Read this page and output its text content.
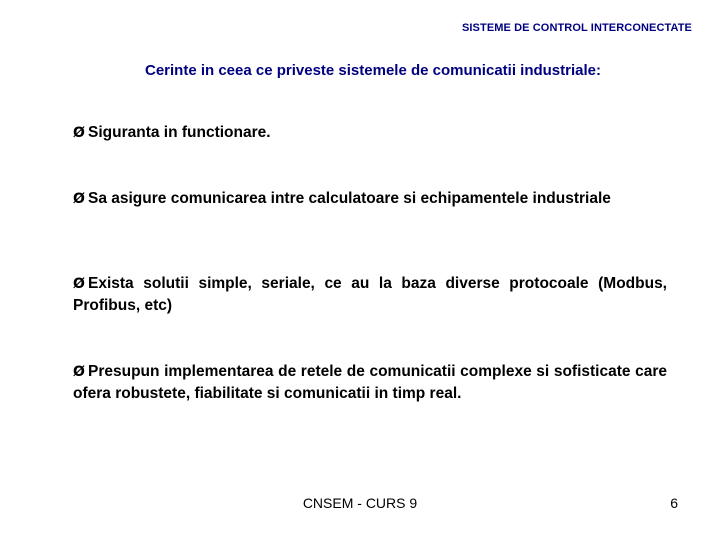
SISTEME DE CONTROL INTERCONECTATE
Cerinte in ceea ce priveste sistemele de comunicatii industriale:
Ø Siguranta in functionare.
Ø Sa asigure comunicarea intre calculatoare si echipamentele industriale
Ø Exista solutii simple, seriale, ce au la baza diverse protocoale (Modbus, Profibus, etc)
Ø Presupun implementarea de retele de comunicatii complexe si sofisticate care ofera robustete, fiabilitate si comunicatii in timp real.
CNSEM - CURS 9	6
